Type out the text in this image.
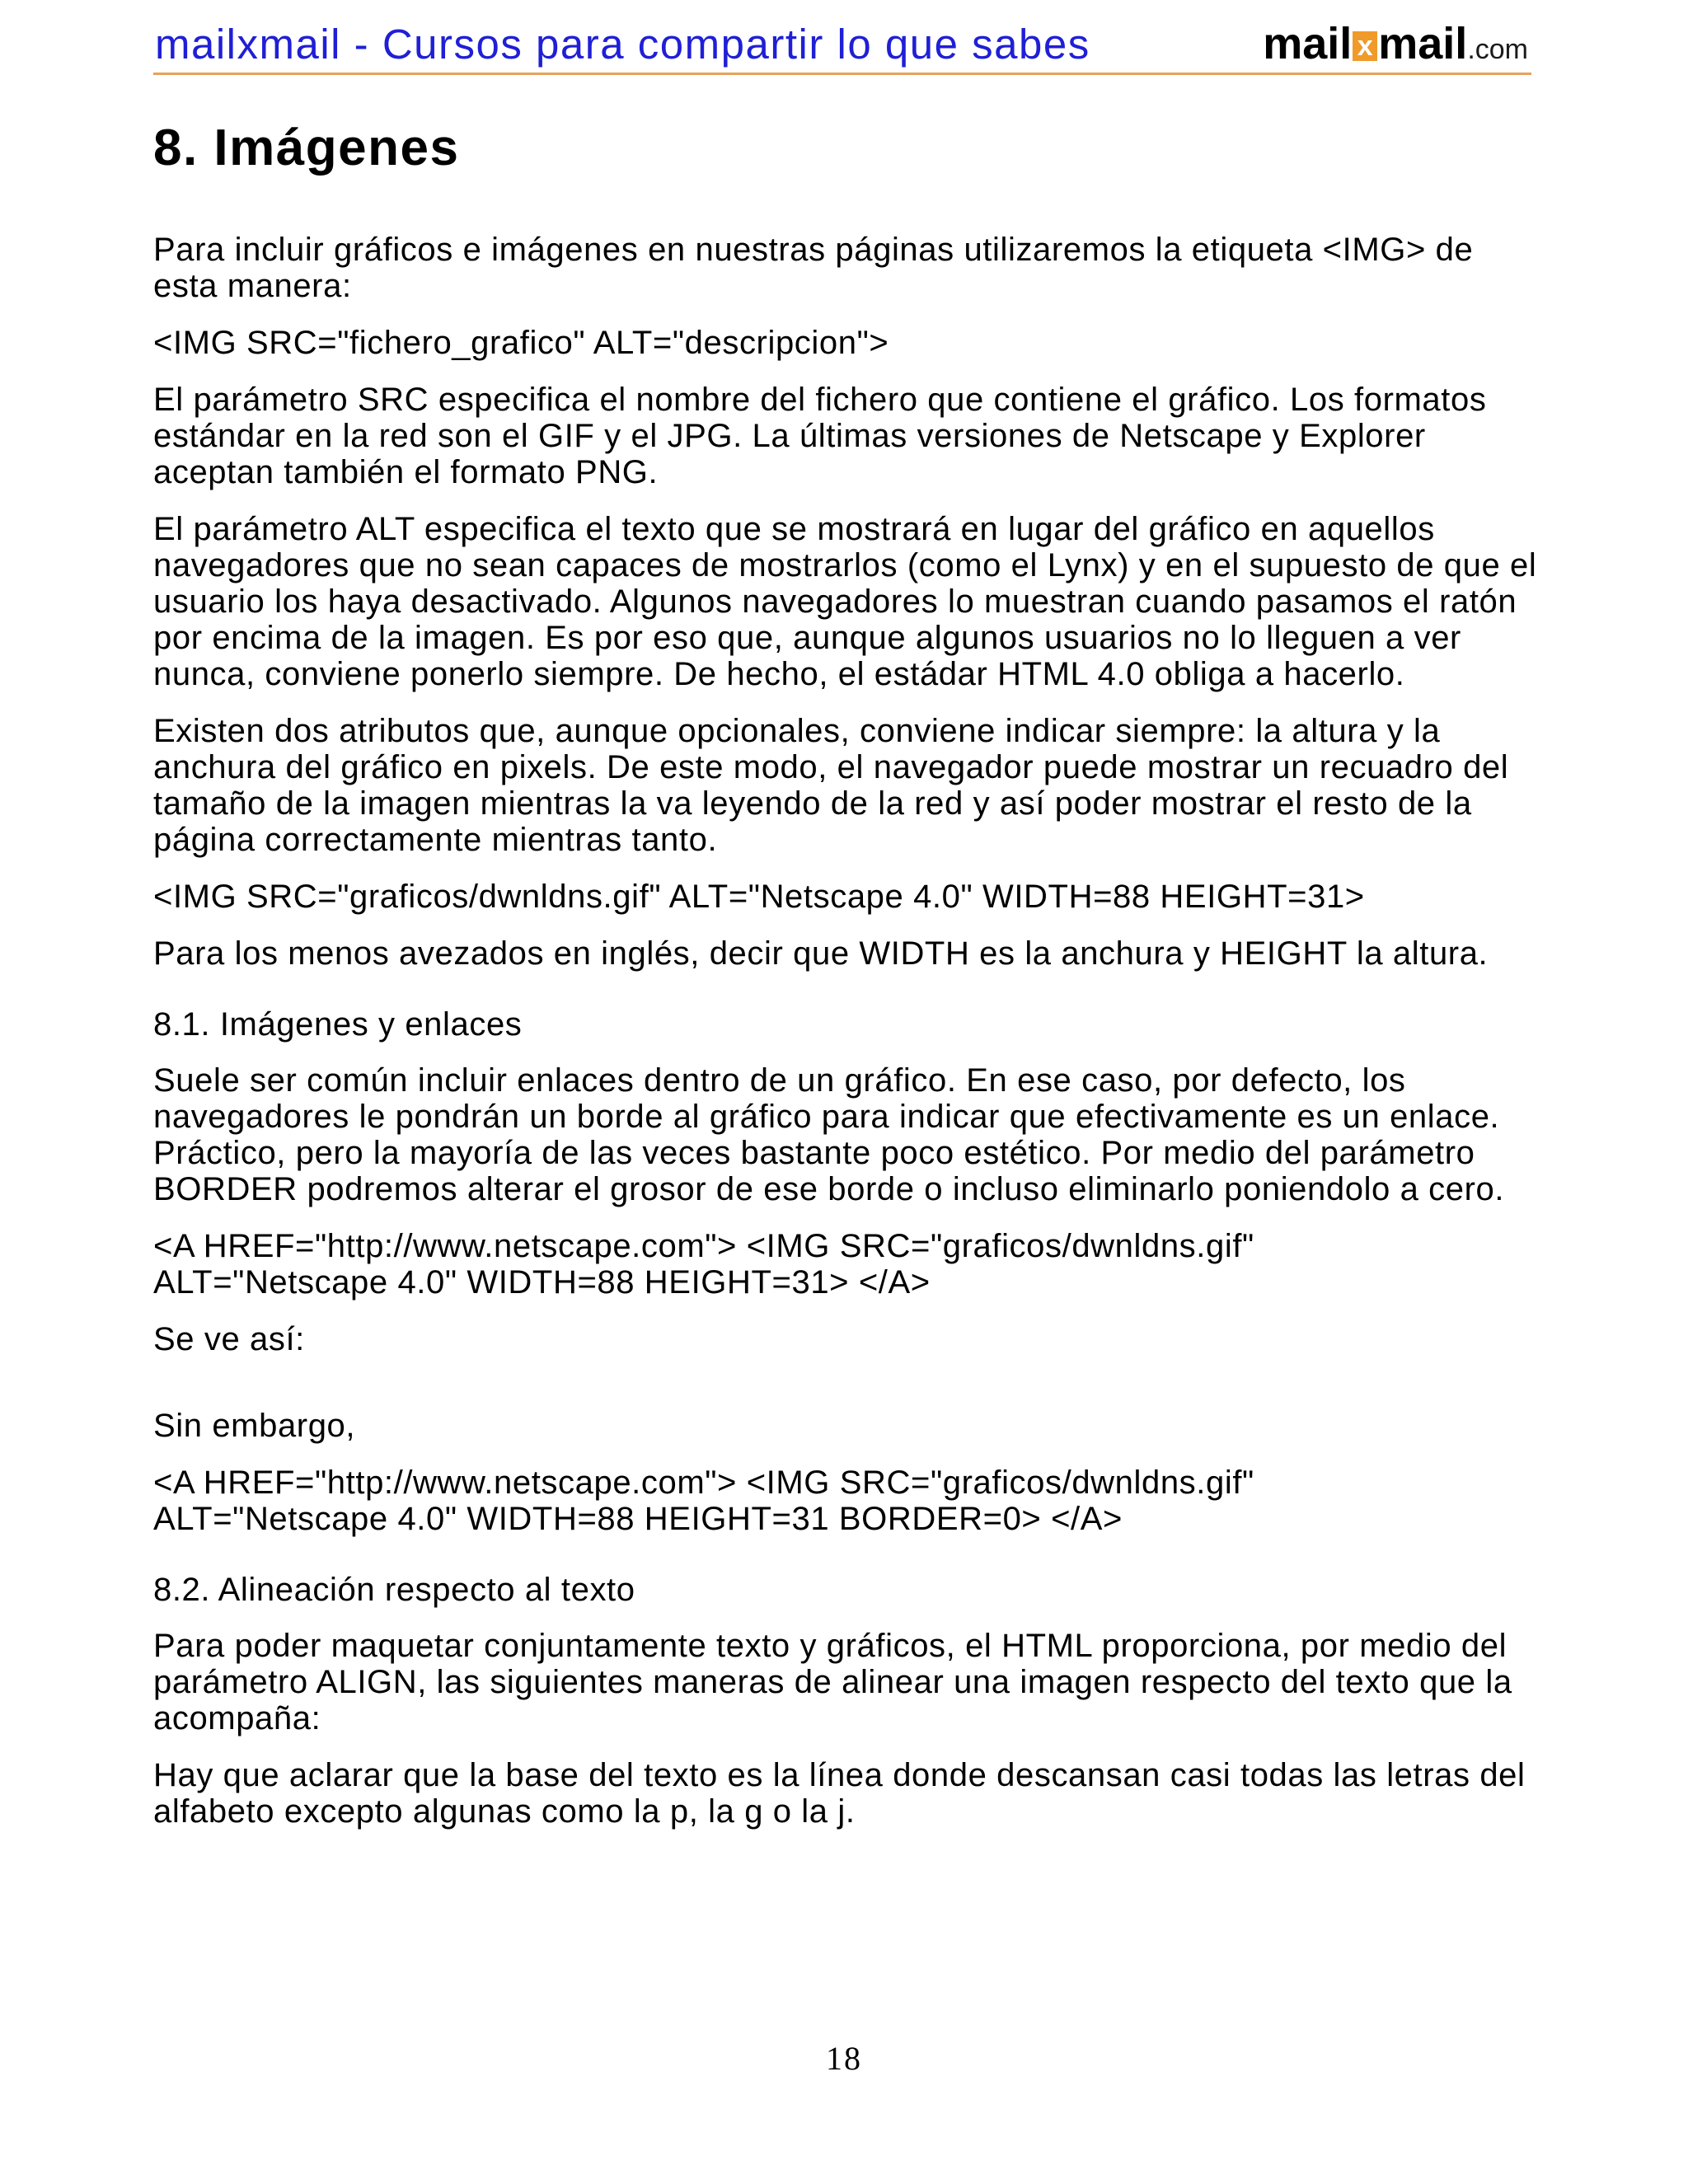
mailxmail - Cursos para compartir lo que sabes	mail x mail.com
8. Imágenes

Para incluir gráficos e imágenes en nuestras páginas utilizaremos la etiqueta <IMG> de esta manera:

<IMG SRC="fichero_grafico" ALT="descripcion">

El parámetro SRC especifica el nombre del fichero que contiene el gráfico. Los formatos estándar en la red son el GIF y el JPG. La últimas versiones de Netscape y Explorer aceptan también el formato PNG.

El parámetro ALT especifica el texto que se mostrará en lugar del gráfico en aquellos navegadores que no sean capaces de mostrarlos (como el Lynx) y en el supuesto de que el usuario los haya desactivado. Algunos navegadores lo muestran cuando pasamos el ratón por encima de la imagen. Es por eso que, aunque algunos usuarios no lo lleguen a ver nunca, conviene ponerlo siempre. De hecho, el estádar HTML 4.0 obliga a hacerlo.

Existen dos atributos que, aunque opcionales, conviene indicar siempre: la altura y la anchura del gráfico en pixels. De este modo, el navegador puede mostrar un recuadro del tamaño de la imagen mientras la va leyendo de la red y así poder mostrar el resto de la página correctamente mientras tanto.

<IMG SRC="graficos/dwnldns.gif" ALT="Netscape 4.0" WIDTH=88 HEIGHT=31>

Para los menos avezados en inglés, decir que WIDTH es la anchura y HEIGHT la altura.

8.1. Imágenes y enlaces

Suele ser común incluir enlaces dentro de un gráfico. En ese caso, por defecto, los navegadores le pondrán un borde al gráfico para indicar que efectivamente es un enlace. Práctico, pero la mayoría de las veces bastante poco estético. Por medio del parámetro BORDER podremos alterar el grosor de ese borde o incluso eliminarlo poniendolo a cero.

<A HREF="http://www.netscape.com"> <IMG SRC="graficos/dwnldns.gif"
ALT="Netscape 4.0" WIDTH=88 HEIGHT=31> </A>

Se ve así:

Sin embargo,

<A HREF="http://www.netscape.com"> <IMG SRC="graficos/dwnldns.gif"
ALT="Netscape 4.0" WIDTH=88 HEIGHT=31 BORDER=0> </A>

8.2. Alineación respecto al texto

Para poder maquetar conjuntamente texto y gráficos, el HTML proporciona, por medio del parámetro ALIGN, las siguientes maneras de alinear una imagen respecto del texto que la acompaña:

Hay que aclarar que la base del texto es la línea donde descansan casi todas las letras del alfabeto excepto algunas como la p, la g o la j.

18
